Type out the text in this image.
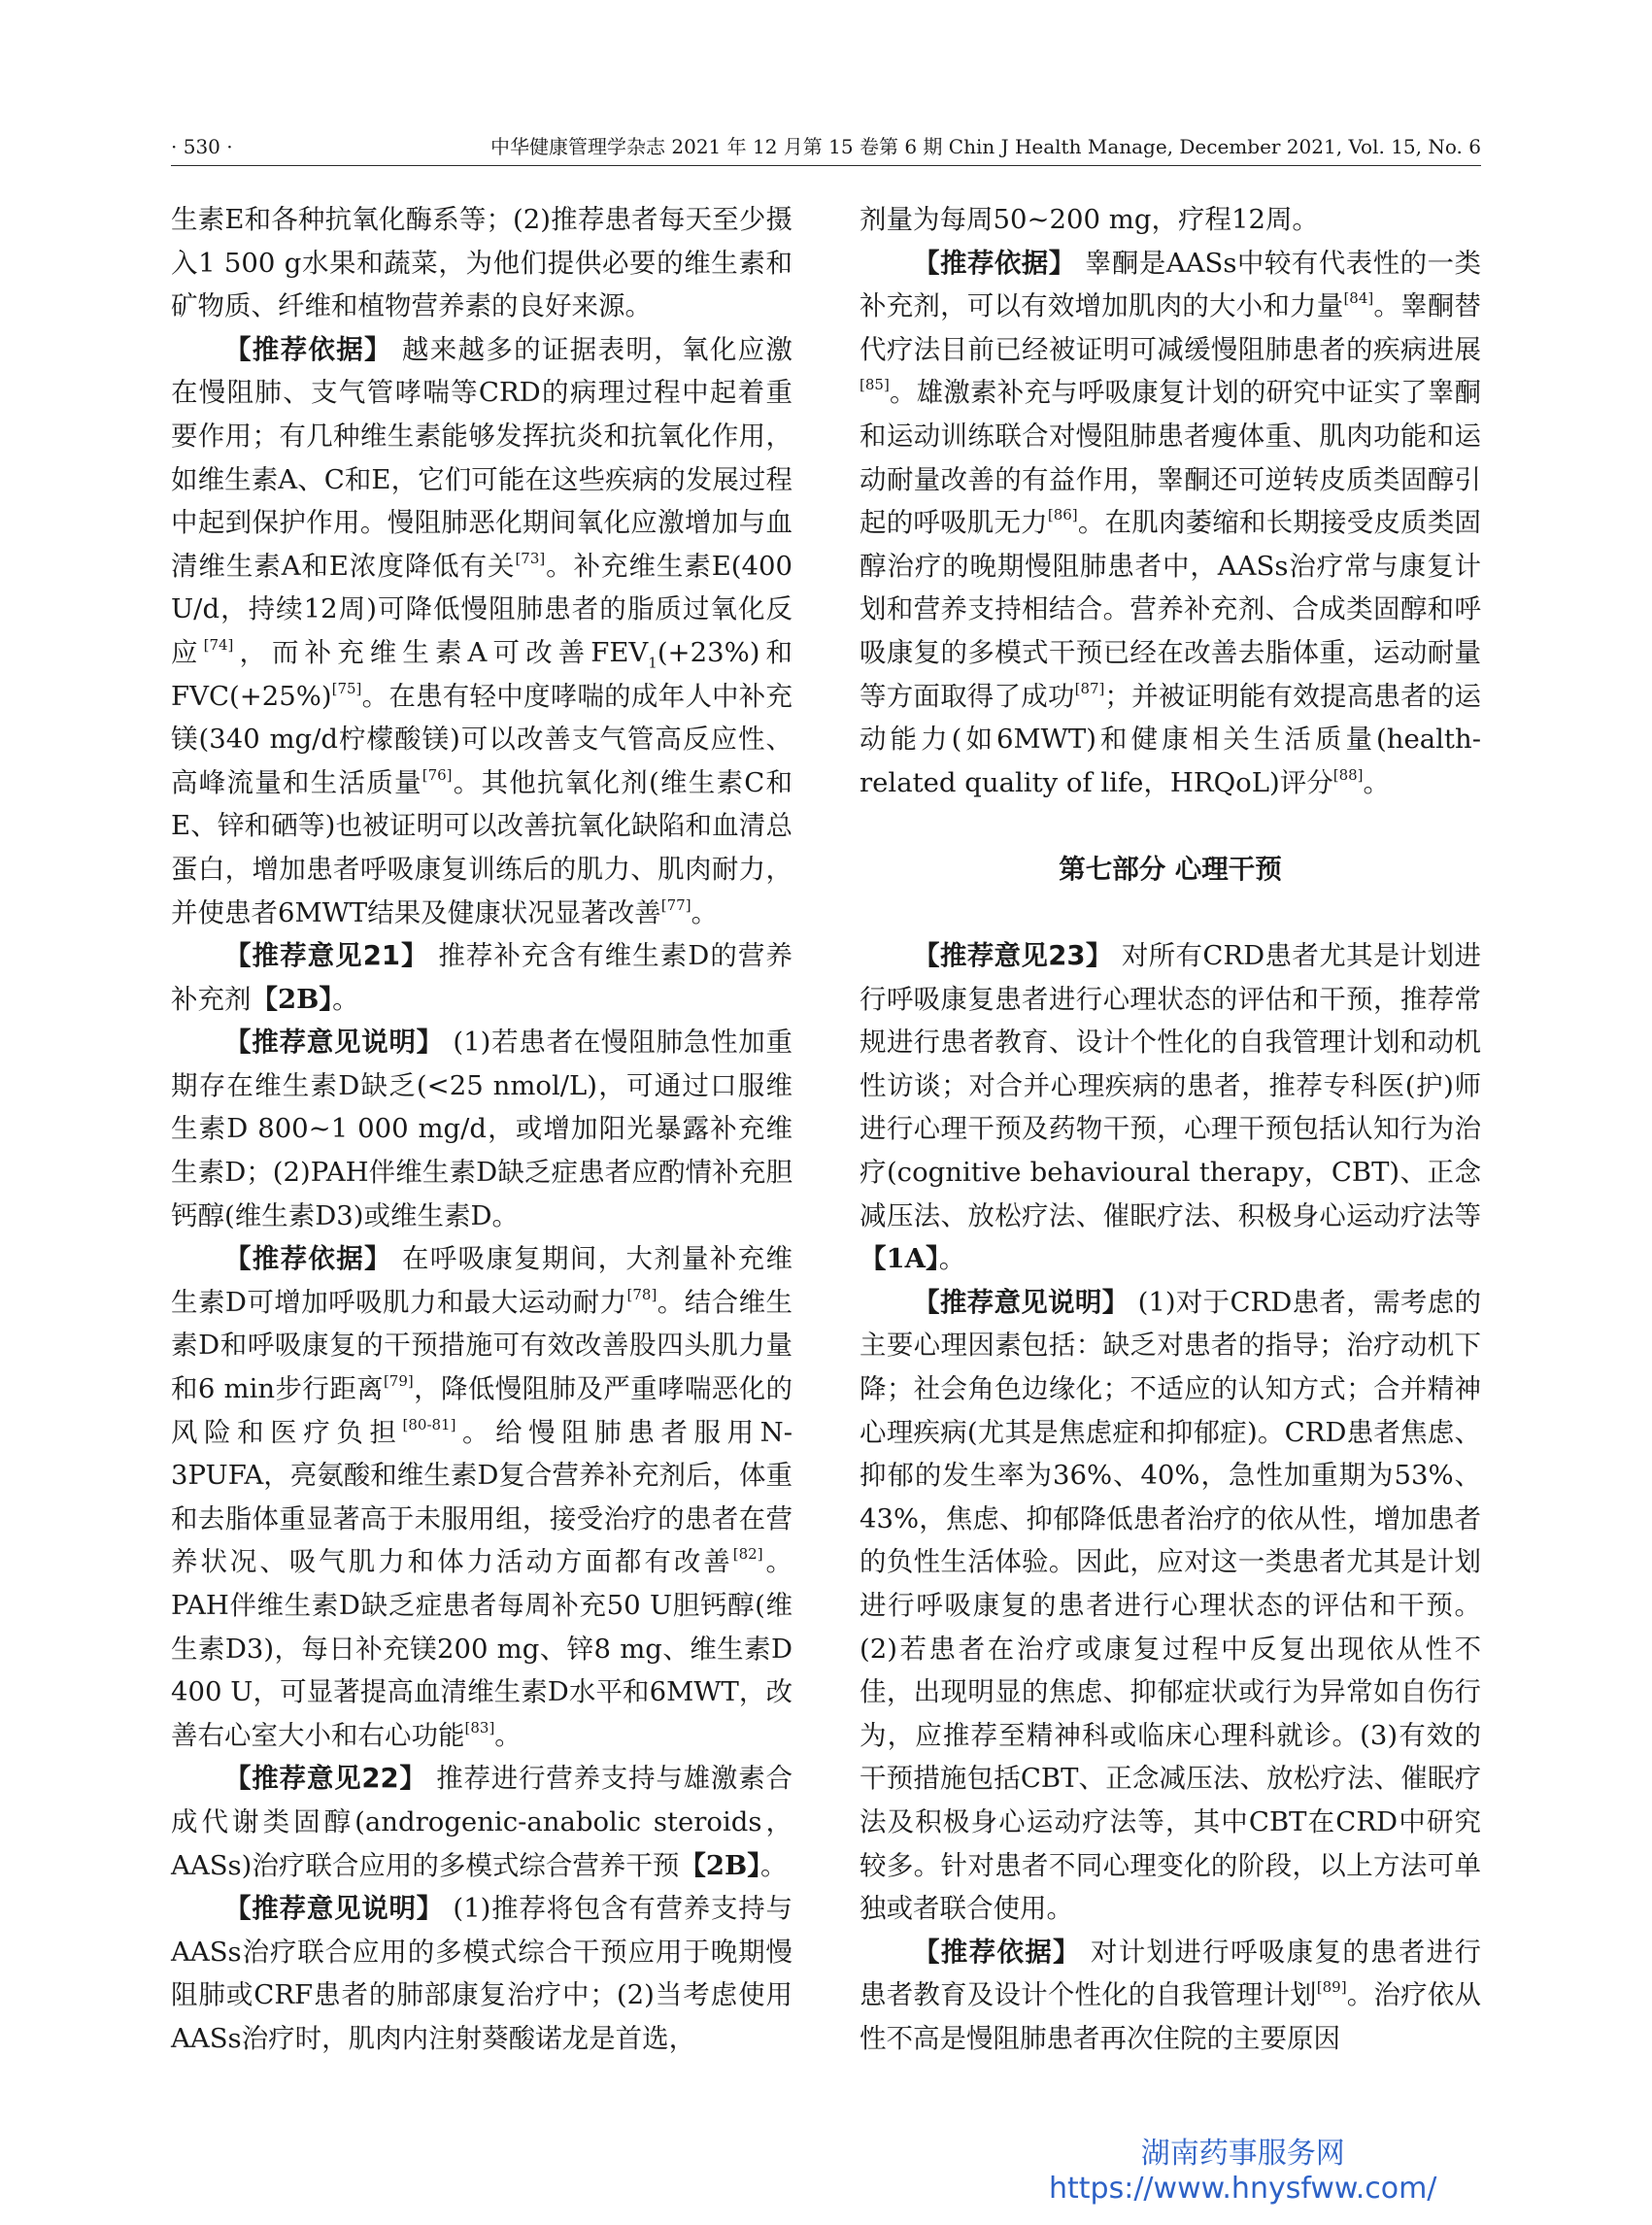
· 530 ·	中华健康管理学杂志 2021 年 12 月第 15 卷第 6 期 Chin J Health Manage, December 2021, Vol. 15, No. 6

生素E和各种抗氧化酶系等；(2)推荐患者每天至少摄入1 500 g水果和蔬菜，为他们提供必要的维生素和矿物质、纤维和植物营养素的良好来源。

【推荐依据】 越来越多的证据表明，氧化应激在慢阻肺、支气管哮喘等CRD的病理过程中起着重要作用；有几种维生素能够发挥抗炎和抗氧化作用，如维生素A、C和E，它们可能在这些疾病的发展过程中起到保护作用。慢阻肺恶化期间氧化应激增加与血清维生素A和E浓度降低有关[73]。补充维生素E(400 U/d，持续12周)可降低慢阻肺患者的脂质过氧化反应[74]，而补充维生素A可改善$FEV_1(+23\%)$和FVC(+25%)[75]。在患有轻中度哮喘的成年人中补充镁(340 mg/d柠檬酸镁)可以改善支气管高反应性、高峰流量和生活质量[76]。其他抗氧化剂(维生素C和E、锌和硒等)也被证明可以改善抗氧化缺陷和血清总蛋白，增加患者呼吸康复训练后的肌力、肌肉耐力，并使患者6MWT结果及健康状况显著改善[77]。

【推荐意见21】 推荐补充含有维生素D的营养补充剂【2B】。

【推荐意见说明】 (1)若患者在慢阻肺急性加重期存在维生素D缺乏(<25 nmol/L)，可通过口服维生素D 800~1 000 mg/d，或增加阳光暴露补充维生素D；(2)PAH伴维生素D缺乏症患者应酌情补充胆钙醇(维生素D3)或维生素D。

【推荐依据】 在呼吸康复期间，大剂量补充维生素D可增加呼吸肌力和最大运动耐力[78]。结合维生素D和呼吸康复的干预措施可有效改善股四头肌力量和6 min步行距离[79]，降低慢阻肺及严重哮喘恶化的风险和医疗负担[80-81]。给慢阻肺患者服用N-3PUFA，亮氨酸和维生素D复合营养补充剂后，体重和去脂体重显著高于未服用组，接受治疗的患者在营养状况、吸气肌力和体力活动方面都有改善[82]。PAH伴维生素D缺乏症患者每周补充50 U胆钙醇(维生素D3)，每日补充镁200 mg、锌8 mg、维生素D 400 U，可显著提高血清维生素D水平和6MWT，改善右心室大小和右心功能[83]。

【推荐意见22】 推荐进行营养支持与雄激素合成代谢类固醇(androgenic-anabolic steroids，AASs)治疗联合应用的多模式综合营养干预【2B】。

【推荐意见说明】 (1)推荐将包含有营养支持与AASs治疗联合应用的多模式综合干预应用于晚期慢阻肺或CRF患者的肺部康复治疗中；(2)当考虑使用AASs治疗时，肌肉内注射葵酸诺龙是首选，

剂量为每周50~200 mg，疗程12周。

【推荐依据】 睾酮是AASs中较有代表性的一类补充剂，可以有效增加肌肉的大小和力量[84]。睾酮替代疗法目前已经被证明可减缓慢阻肺患者的疾病进展[85]。雄激素补充与呼吸康复计划的研究中证实了睾酮和运动训练联合对慢阻肺患者瘦体重、肌肉功能和运动耐量改善的有益作用，睾酮还可逆转皮质类固醇引起的呼吸肌无力[86]。在肌肉萎缩和长期接受皮质类固醇治疗的晚期慢阻肺患者中，AASs治疗常与康复计划和营养支持相结合。营养补充剂、合成类固醇和呼吸康复的多模式干预已经在改善去脂体重，运动耐量等方面取得了成功[87]；并被证明能有效提高患者的运动能力(如6MWT)和健康相关生活质量(health-related quality of life，HRQoL)评分[88]。

第七部分 心理干预

【推荐意见23】 对所有CRD患者尤其是计划进行呼吸康复患者进行心理状态的评估和干预，推荐常规进行患者教育、设计个性化的自我管理计划和动机性访谈；对合并心理疾病的患者，推荐专科医(护)师进行心理干预及药物干预，心理干预包括认知行为治疗(cognitive behavioural therapy，CBT)、正念减压法、放松疗法、催眠疗法、积极身心运动疗法等【1A】。

【推荐意见说明】 (1)对于CRD患者，需考虑的主要心理因素包括：缺乏对患者的指导；治疗动机下降；社会角色边缘化；不适应的认知方式；合并精神心理疾病(尤其是焦虑症和抑郁症)。CRD患者焦虑、抑郁的发生率为36%、40%，急性加重期为53%、43%，焦虑、抑郁降低患者治疗的依从性，增加患者的负性生活体验。因此，应对这一类患者尤其是计划进行呼吸康复的患者进行心理状态的评估和干预。(2)若患者在治疗或康复过程中反复出现依从性不佳，出现明显的焦虑、抑郁症状或行为异常如自伤行为，应推荐至精神科或临床心理科就诊。(3)有效的干预措施包括CBT、正念减压法、放松疗法、催眠疗法及积极身心运动疗法等，其中CBT在CRD中研究较多。针对患者不同心理变化的阶段，以上方法可单独或者联合使用。

【推荐依据】 对计划进行呼吸康复的患者进行患者教育及设计个性化的自我管理计划[89]。治疗依从性不高是慢阻肺患者再次住院的主要原因

湖南药事服务网
https://www.hnysfww.com/
